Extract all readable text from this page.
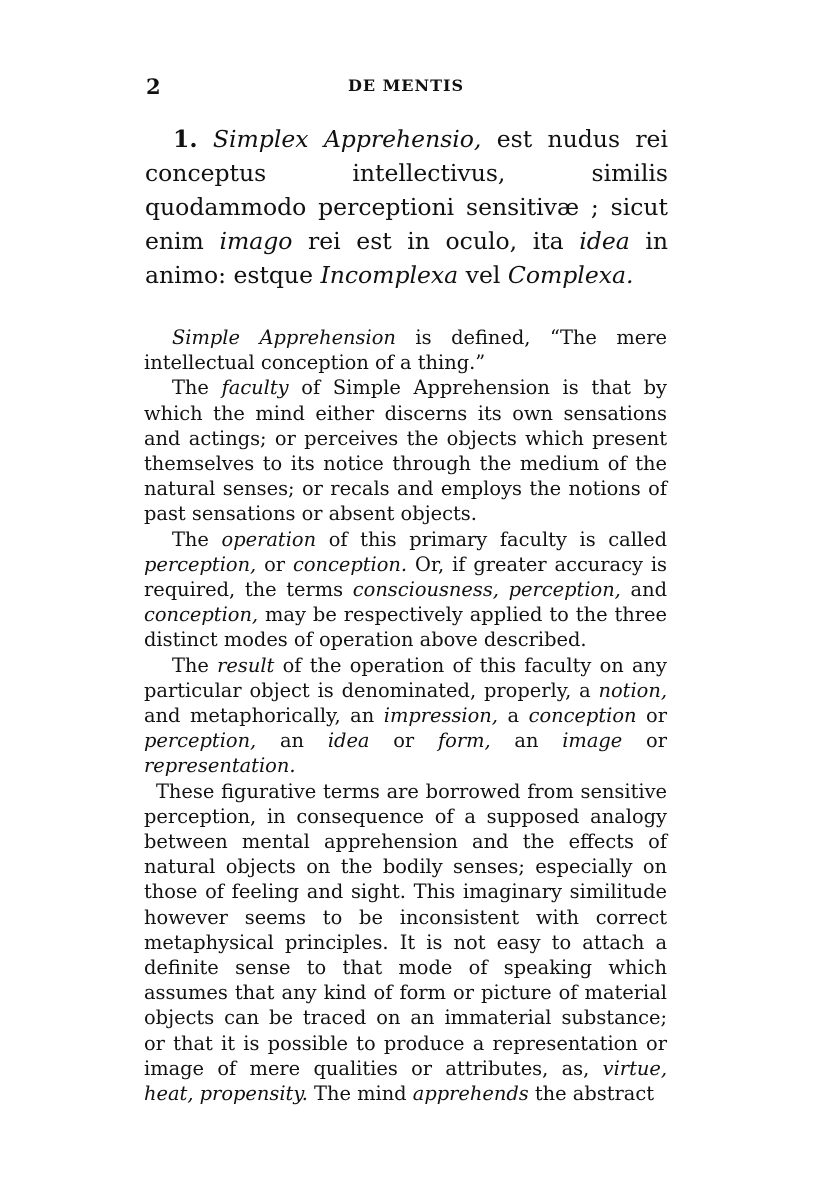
2	DE MENTIS
1. Simplex Apprehensio, est nudus rei conceptus intellectivus, similis quodammodo perceptioni sensitivæ ; sicut enim imago rei est in oculo, ita idea in animo: estque Incomplexa vel Complexa.

Simple Apprehension is defined, “The mere intellectual conception of a thing.”

The faculty of Simple Apprehension is that by which the mind either discerns its own sensations and actings; or perceives the objects which present themselves to its notice through the medium of the natural senses; or recals and employs the notions of past sensations or absent objects.

The operation of this primary faculty is called perception, or conception. Or, if greater accuracy is required, the terms consciousness, perception, and conception, may be respectively applied to the three distinct modes of operation above described.

The result of the operation of this faculty on any particular object is denominated, properly, a notion, and metaphorically, an impression, a conception or perception, an idea or form, an image or representation.

These figurative terms are borrowed from sensitive perception, in consequence of a supposed analogy between mental apprehension and the effects of natural objects on the bodily senses; especially on those of feeling and sight. This imaginary similitude however seems to be inconsistent with correct metaphysical principles. It is not easy to attach a definite sense to that mode of speaking which assumes that any kind of form or picture of material objects can be traced on an immaterial substance; or that it is possible to produce a representation or image of mere qualities or attributes, as, virtue, heat, propensity. The mind apprehends the abstract
